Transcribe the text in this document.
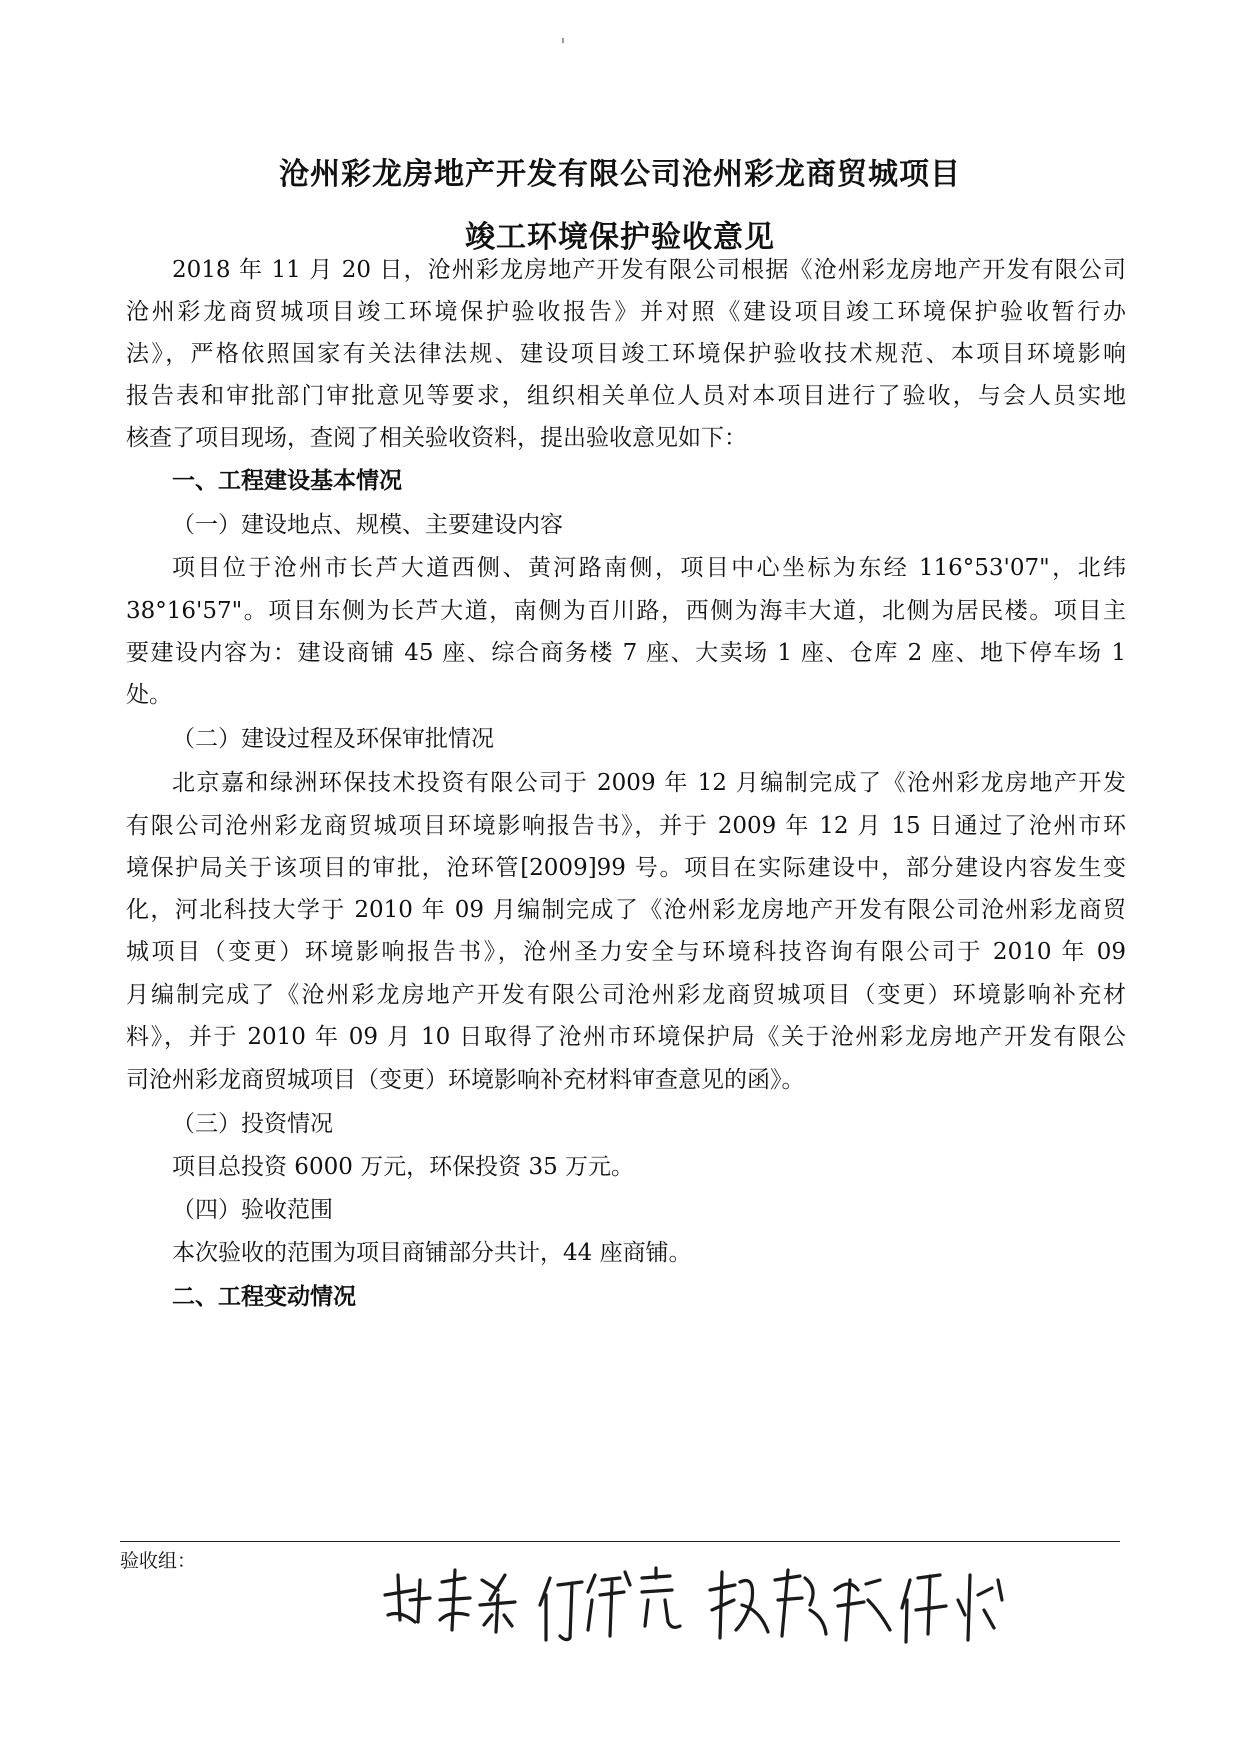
沧州彩龙房地产开发有限公司沧州彩龙商贸城项目
竣工环境保护验收意见
2018 年 11 月 20 日，沧州彩龙房地产开发有限公司根据《沧州彩龙房地产开发有限公司
沧州彩龙商贸城项目竣工环境保护验收报告》并对照《建设项目竣工环境保护验收暂行办
法》，严格依照国家有关法律法规、建设项目竣工环境保护验收技术规范、本项目环境影响
报告表和审批部门审批意见等要求，组织相关单位人员对本项目进行了验收，与会人员实地
核查了项目现场，查阅了相关验收资料，提出验收意见如下：
一、工程建设基本情况
（一）建设地点、规模、主要建设内容
项目位于沧州市长芦大道西侧、黄河路南侧，项目中心坐标为东经 116°53'07"，北纬
38°16'57"。项目东侧为长芦大道，南侧为百川路，西侧为海丰大道，北侧为居民楼。项目主
要建设内容为：建设商铺 45 座、综合商务楼 7 座、大卖场 1 座、仓库 2 座、地下停车场 1
处。
（二）建设过程及环保审批情况
北京嘉和绿洲环保技术投资有限公司于 2009 年 12 月编制完成了《沧州彩龙房地产开发
有限公司沧州彩龙商贸城项目环境影响报告书》，并于 2009 年 12 月 15 日通过了沧州市环
境保护局关于该项目的审批，沧环管[2009]99 号。项目在实际建设中，部分建设内容发生变
化，河北科技大学于 2010 年 09 月编制完成了《沧州彩龙房地产开发有限公司沧州彩龙商贸
城项目（变更）环境影响报告书》，沧州圣力安全与环境科技咨询有限公司于 2010 年 09
月编制完成了《沧州彩龙房地产开发有限公司沧州彩龙商贸城项目（变更）环境影响补充材
料》，并于 2010 年 09 月 10 日取得了沧州市环境保护局《关于沧州彩龙房地产开发有限公
司沧州彩龙商贸城项目（变更）环境影响补充材料审查意见的函》。
（三）投资情况
项目总投资 6000 万元，环保投资 35 万元。
（四）验收范围
本次验收的范围为项目商铺部分共计，44 座商铺。
二、工程变动情况
验收组：
